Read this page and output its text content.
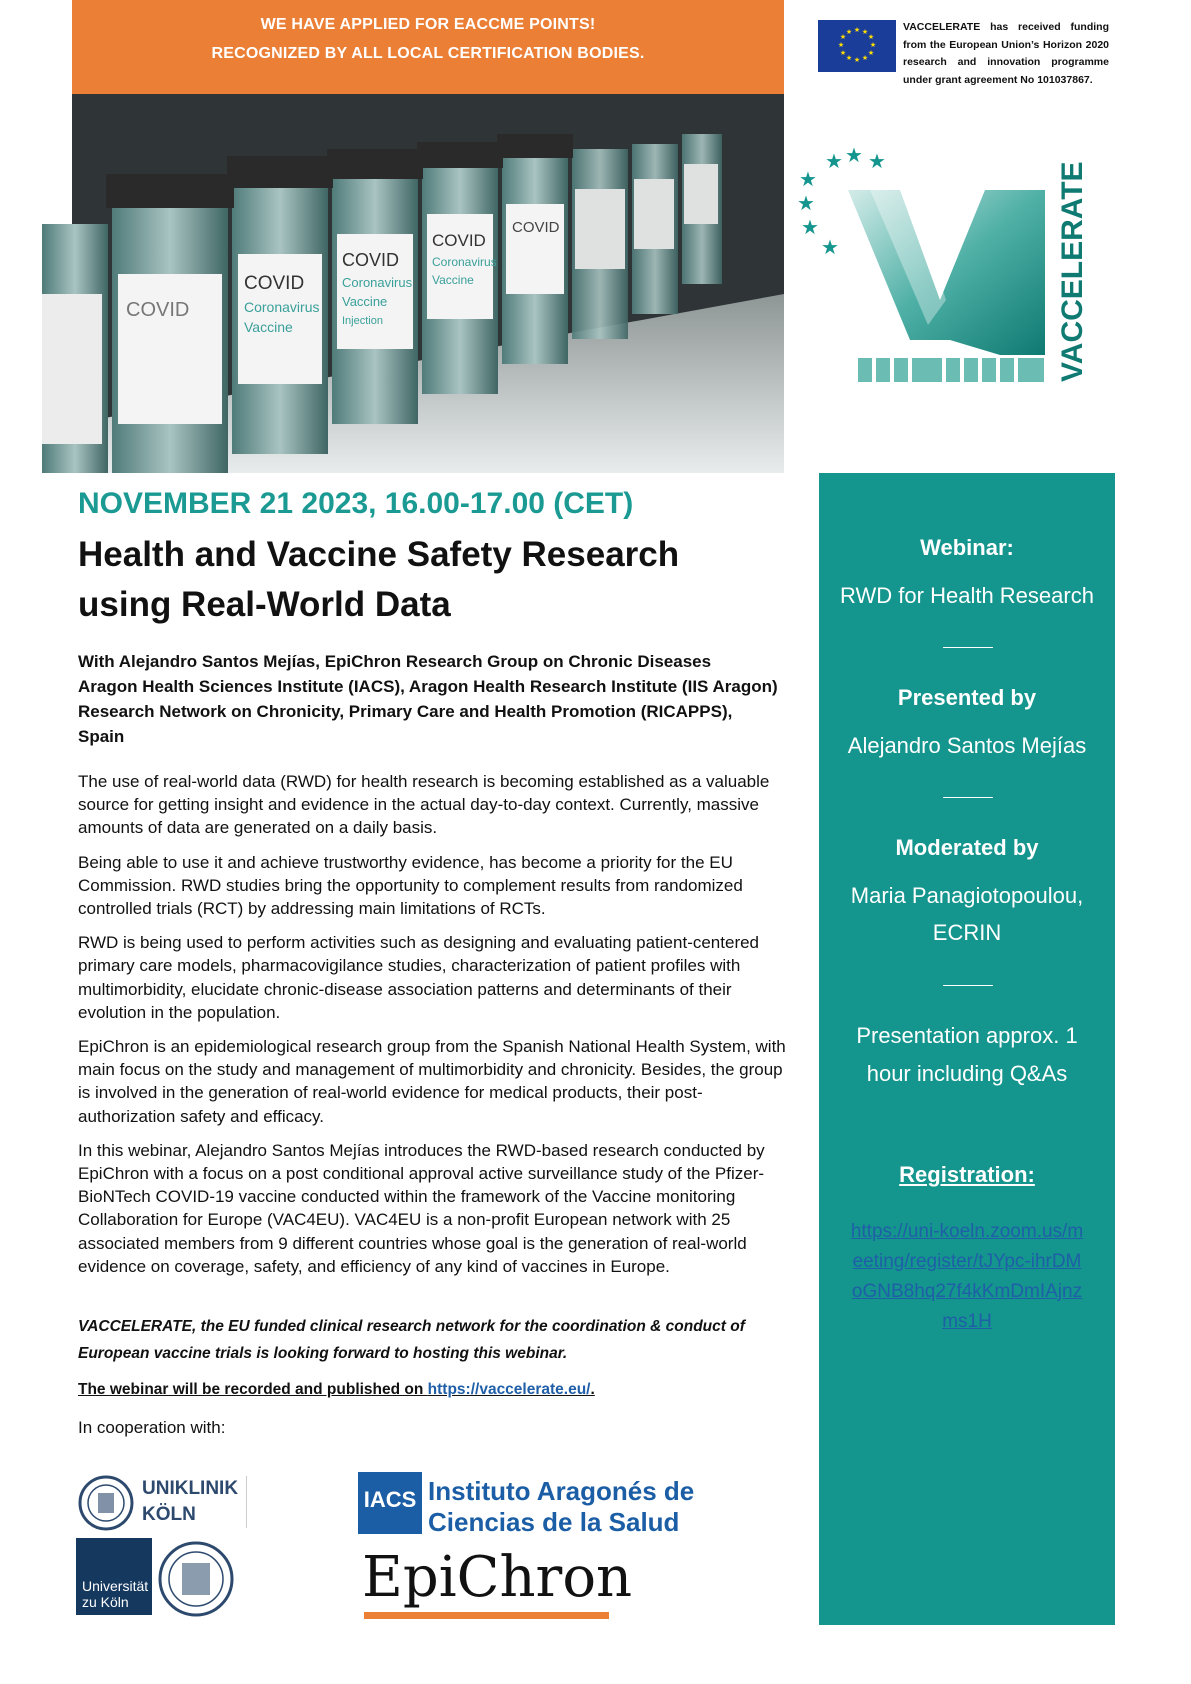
WE HAVE APPLIED FOR EACCME POINTS!
RECOGNIZED BY ALL LOCAL CERTIFICATION BODIES.
COVID
COVID
Coronavirus
Vaccine
COVID
Coronavirus
Vaccine
Injection
COVID
Coronavirus
Vaccine
COVID
★ ★
★
★
★
★
★
★
★
★
★
★	VACCELERATE has received funding from the European Union’s Horizon 2020 research and innovation programme under grant agreement No 101037867.
★ ★ ★
★
★
★
★	VACCELERATE
NOVEMBER 21 2023, 16.00-17.00 (CET)
Health and Vaccine Safety Research using Real-World Data
With Alejandro Santos Mejías, EpiChron Research Group on Chronic Diseases
Aragon Health Sciences Institute (IACS), Aragon Health Research Institute (IIS Aragon)
Research Network on Chronicity, Primary Care and Health Promotion (RICAPPS),
Spain

The use of real-world data (RWD) for health research is becoming established as a valuable source for getting insight and evidence in the actual day-to-day context. Currently, massive amounts of data are generated on a daily basis.

Being able to use it and achieve trustworthy evidence, has become a priority for the EU Commission. RWD studies bring the opportunity to complement results from randomized controlled trials (RCT) by addressing main limitations of RCTs.

RWD is being used to perform activities such as designing and evaluating patient-centered primary care models, pharmacovigilance studies, characterization of patient profiles with multimorbidity, elucidate chronic-disease association patterns and determinants of their evolution in the population.

EpiChron is an epidemiological research group from the Spanish National Health System, with main focus on the study and management of multimorbidity and chronicity. Besides, the group is involved in the generation of real-world evidence for medical products, their post-authorization safety and efficacy.

In this webinar, Alejandro Santos Mejías introduces the RWD-based research conducted by EpiChron with a focus on a post conditional approval active surveillance study of the Pfizer-BioNTech COVID-19 vaccine conducted within the framework of the Vaccine monitoring Collaboration for Europe (VAC4EU). VAC4EU is a non-profit European network with 25 associated members from 9 different countries whose goal is the generation of real-world evidence on coverage, safety, and efficiency of any kind of vaccines in Europe.

VACCELERATE, the EU funded clinical research network for the coordination & conduct of
European vaccine trials is looking forward to hosting this webinar.
The webinar will be recorded and published on https://vaccelerate.eu/.
In cooperation with:
UNIKLINIK
KÖLN
Universität
zu Köln
IACS Instituto Aragonés de
Ciencias de la Salud
EpiChron
Webinar:
RWD for Health Research
Presented by
Alejandro Santos Mejías
Moderated by
Maria Panagiotopoulou,
ECRIN
Presentation approx. 1
hour including Q&As
Registration:
https://uni-koeln.zoom.us/meeting/register/tJYpc-ihrDMoGNB8hq27f4kKmDmIAjnzms1H
